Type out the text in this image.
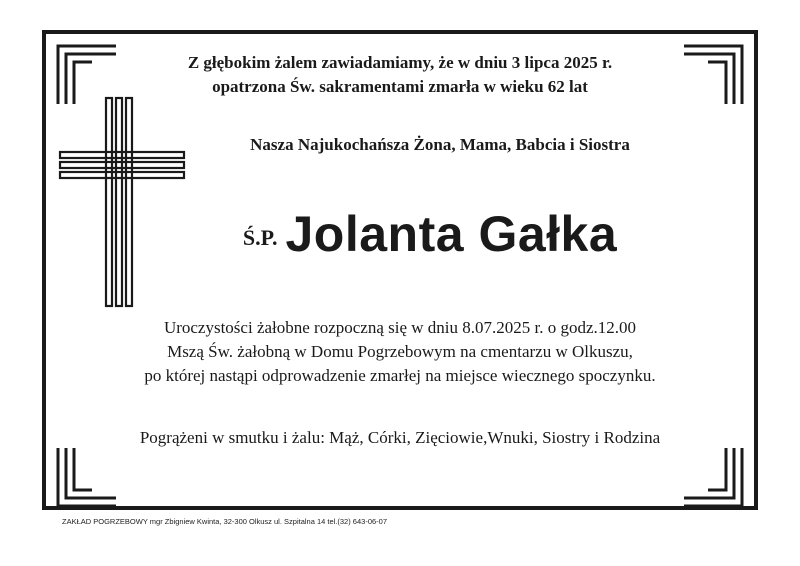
Z głębokim żalem zawiadamiamy, że w dniu 3 lipca 2025 r.
opatrzona Św. sakramentami zmarła w wieku 62 lat
Nasza Najukochańsza Żona, Mama, Babcia i Siostra
Ś.P. Jolanta Gałka
Uroczystości żałobne rozpoczną się w dniu 8.07.2025 r. o godz.12.00
Mszą Św. żałobną w Domu Pogrzebowym na cmentarzu w Olkuszu,
po której nastąpi odprowadzenie zmarłej na miejsce wiecznego spoczynku.
Pogrążeni w smutku i żalu: Mąż, Córki, Zięciowie,Wnuki, Siostry i Rodzina
ZAKŁAD POGRZEBOWY mgr Zbigniew Kwinta, 32-300 Olkusz ul. Szpitalna 14 tel.(32) 643-06-07
